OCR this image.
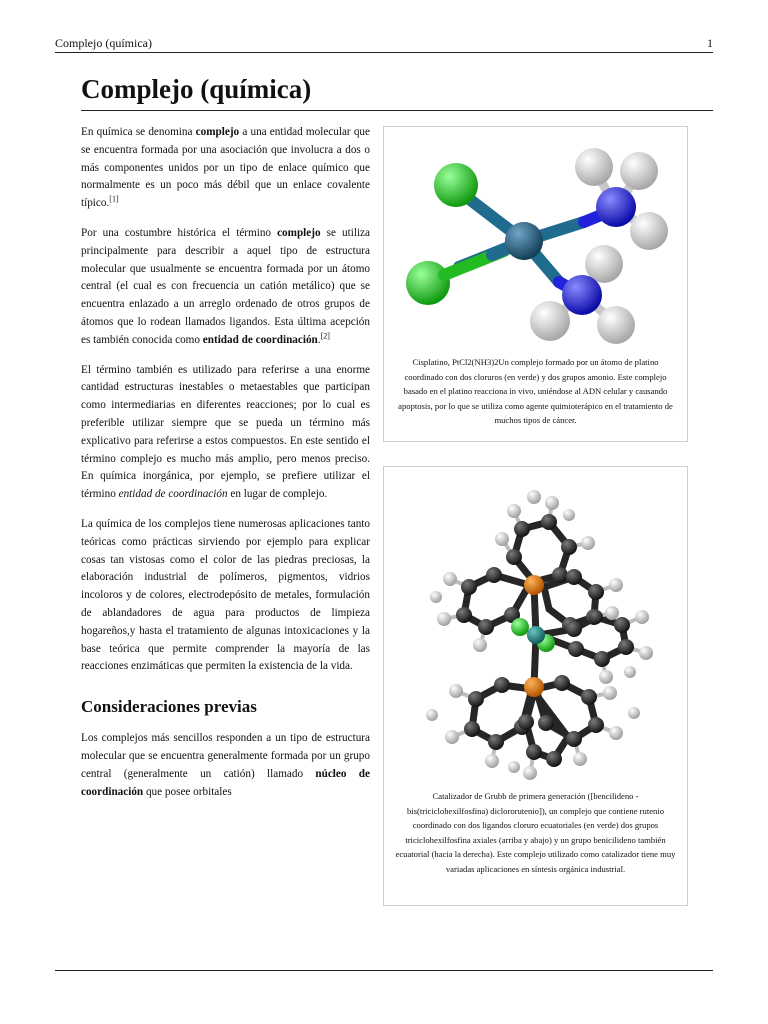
Complejo (química)	1
Complejo (química)

En química se denomina complejo a una entidad molecular que se encuentra formada por una asociación que involucra a dos o más componentes unidos por un tipo de enlace químico que normalmente es un poco más débil que un enlace covalente típico.[1]

Por una costumbre histórica el término complejo se utiliza principalmente para describir a aquel tipo de estructura molecular que usualmente se encuentra formada por un átomo central (el cual es con frecuencia un catión metálico) que se encuentra enlazado a un arreglo ordenado de otros grupos de átomos que lo rodean llamados ligandos. Esta última acepción es también conocida como entidad de coordinación.[2]

El término también es utilizado para referirse a una enorme cantidad estructuras inestables o metaestables que participan como intermediarias en diferentes reacciones; por lo cual es preferible utilizar siempre que se pueda un término más explicativo para referirse a estos compuestos. En este sentido el término complejo es mucho más amplio, pero menos preciso. En química inorgánica, por ejemplo, se prefiere utilizar el término entidad de coordinación en lugar de complejo.

La química de los complejos tiene numerosas aplicaciones tanto teóricas como prácticas sirviendo por ejemplo para explicar cosas tan vistosas como el color de las piedras preciosas, la elaboración industrial de polímeros, pigmentos, vidrios incoloros y de colores, electrodepósito de metales, formulación de ablandadores de agua para productos de limpieza hogareños,y hasta el tratamiento de algunas intoxicaciones y la base teórica que permite comprender la mayoría de las reacciones enzimáticas que permiten la existencia de la vida.

Consideraciones previas

Los complejos más sencillos responden a un tipo de estructura molecular que se encuentra generalmente formada por un grupo central (generalmente un catión) llamado núcleo de coordinación que posee orbitales

Cisplatino, PtCl2(NH3)2Un complejo formado por un átomo de platino coordinado con dos cloruros (en verde) y dos grupos amonio. Este complejo basado en el platino reacciona in vivo, uniéndose al ADN celular y causando apoptosis, por lo que se utiliza como agente quimioterápico en el tratamiento de muchos tipos de cáncer.
Catalizador de Grubb de primera generación ([bencilideno - bis(triciclohexilfosfina) diclororutenio]), un complejo que contiene rutenio coordinado con dos ligandos cloruro ecuatoriales (en verde) dos grupos triciclohexilfosfina axiales (arriba y abajo) y un grupo benicilideno también ecuatorial (hacia la derecha). Este complejo utilizado como catalizador tiene muy variadas aplicaciones en síntesis orgánica industrial.
